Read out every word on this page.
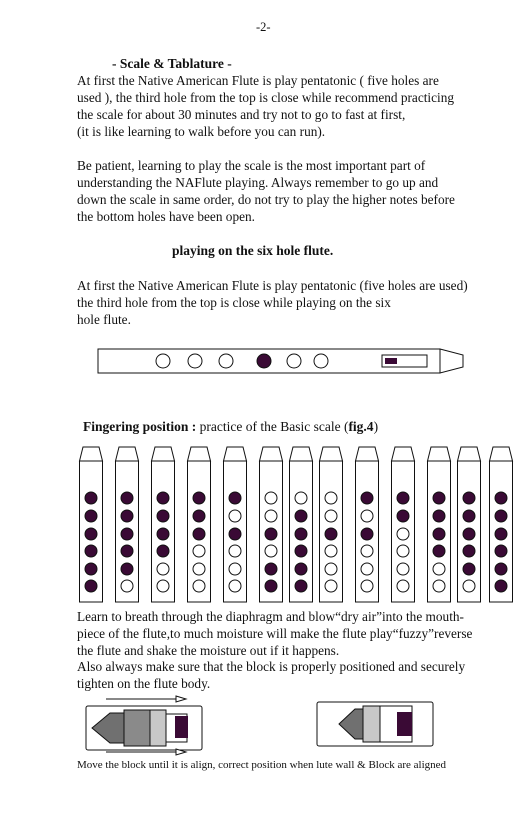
-2-
- Scale & Tablature -
At first the Native American Flute is play pentatonic ( five holes are
used ), the third hole from the top is close while recommend practicing
the scale for about 30 minutes and try not to go to fast at first,
(it is like learning to walk before you can run).
Be patient, learning to play the scale is the most important part of
understanding the NAFlute playing. Always remember to go up and
down the scale in same order, do not try to play the higher notes before
the bottom holes have been open.
playing on the six hole flute.
At first the Native American Flute is play pentatonic (five holes are used)
the third hole from the top is close while playing on the six
hole flute.
Fingering position : practice of the Basic scale (fig.4)
Learn to breath through the diaphragm and blow“dry air”into the mouth-
piece of the flute,to much moisture will make the flute play“fuzzy”reverse
the flute and shake the moisture out if it happens.
Also always make sure that the block is properly positioned and securely
tighten on the flute body.
Move the block until it is align, correct position when lute wall & Block are aligned
